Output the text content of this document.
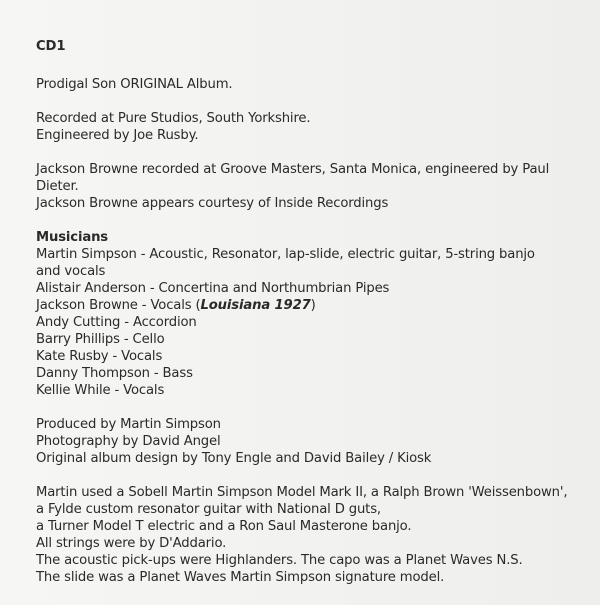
CD1

Prodigal Son ORIGINAL Album.

Recorded at Pure Studios, South Yorkshire.

Engineered by Joe Rusby.

Jackson Browne recorded at Groove Masters, Santa Monica, engineered by Paul

Dieter.

Jackson Browne appears courtesy of Inside Recordings

Musicians

Martin Simpson - Acoustic, Resonator, lap-slide, electric guitar, 5-string banjo

and vocals

Alistair Anderson - Concertina and Northumbrian Pipes

Jackson Browne - Vocals (Louisiana 1927)

Andy Cutting - Accordion

Barry Phillips - Cello

Kate Rusby - Vocals

Danny Thompson - Bass

Kellie While - Vocals

Produced by Martin Simpson

Photography by David Angel

Original album design by Tony Engle and David Bailey / Kiosk

Martin used a Sobell Martin Simpson Model Mark II, a Ralph Brown 'Weissenbown',

a Fylde custom resonator guitar with National D guts,

a Turner Model T electric and a Ron Saul Masterone banjo.

All strings were by D'Addario.

The acoustic pick-ups were Highlanders. The capo was a Planet Waves N.S.

The slide was a Planet Waves Martin Simpson signature model.
